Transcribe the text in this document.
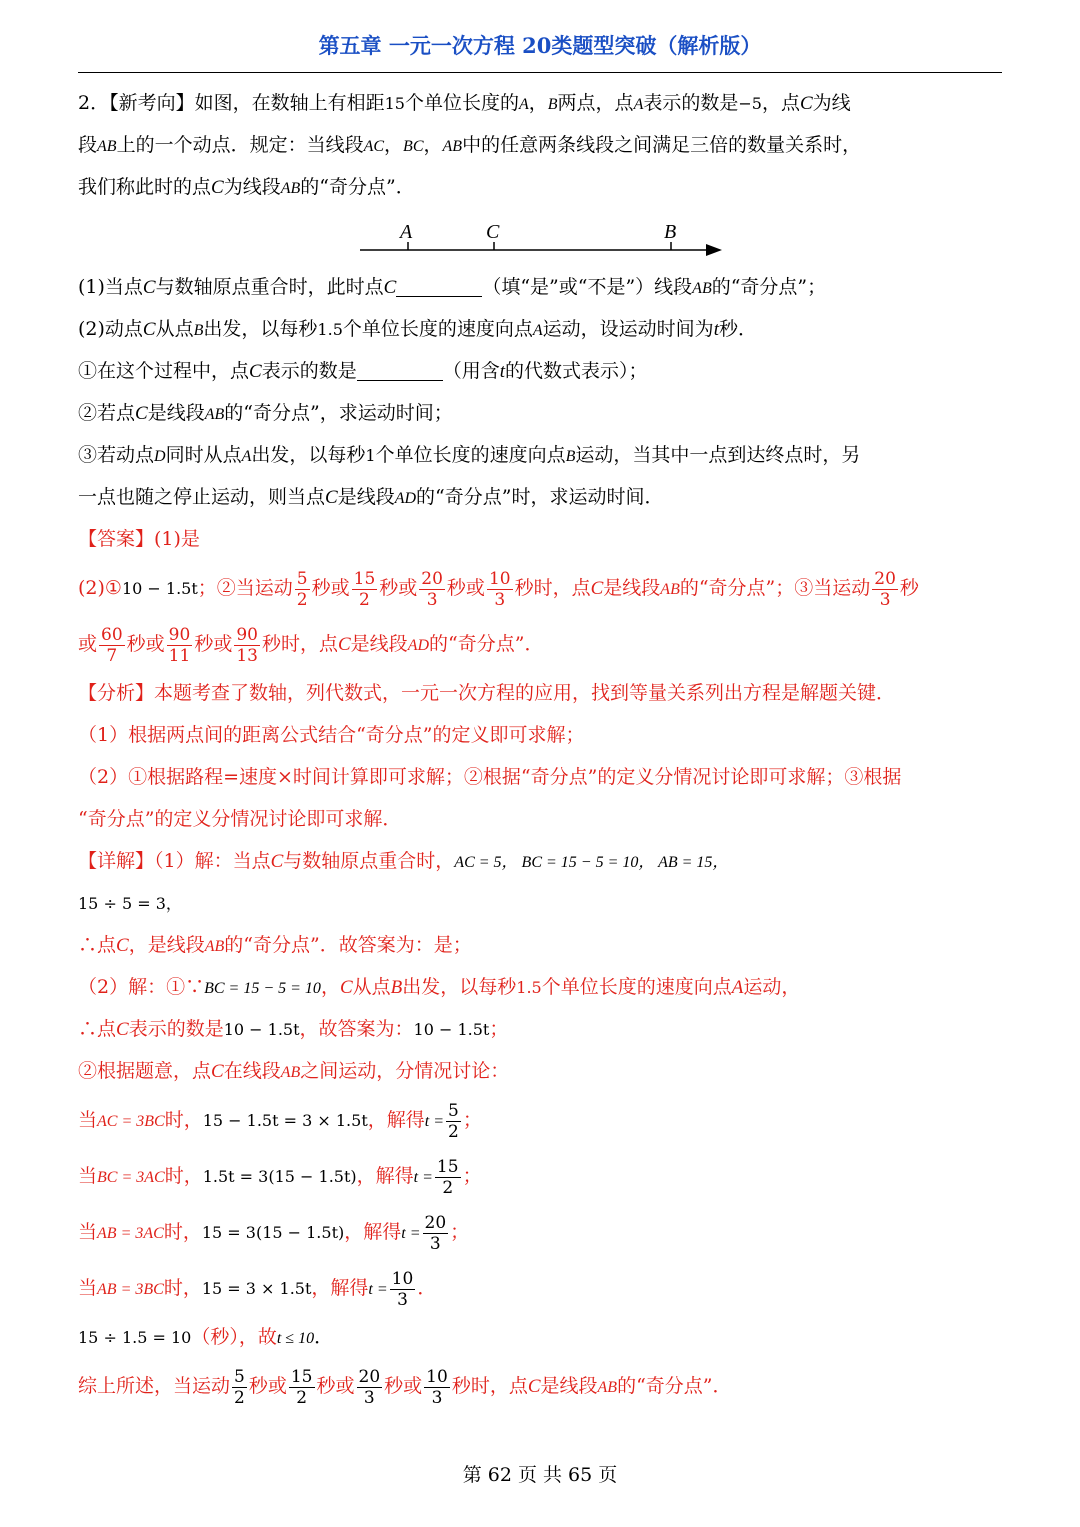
第五章 一元一次方程 20类题型突破（解析版）
2．【新考向】如图，在数轴上有相距15个单位长度的A，B两点，点A表示的数是−5，点C为线
段AB上的一个动点．规定：当线段AC，BC，AB中的任意两条线段之间满足三倍的数量关系时，
我们称此时的点C为线段AB的“奇分点”．
A	C	B
(1)当点C与数轴原点重合时，此时点C	（填“是”或“不是”）线段AB的“奇分点”；
(2)动点C从点B出发，以每秒1.5个单位长度的速度向点A运动，设运动时间为t秒．
①在这个过程中，点C表示的数是	（用含t的代数式表示）；
②若点C是线段AB的“奇分点”，求运动时间；
③若动点D同时从点A出发，以每秒1个单位长度的速度向点B运动，当其中一点到达终点时，另
一点也随之停止运动，则当点C是线段AD的“奇分点”时，求运动时间．
【答案】(1)是
(2)①10 − 1.5t；②当运动 $\frac{5}{2}$ 秒或 $\frac{15}{2}$ 秒或 $\frac{20}{3}$ 秒或 $\frac{10}{3}$ 秒时，点C是线段AB的“奇分点”；③当运动 $\frac{20}{3}$ 秒
或 $\frac{60}{7}$ 秒或 $\frac{90}{11}$ 秒或 $\frac{90}{13}$ 秒时，点C是线段AD的“奇分点”．
【分析】本题考查了数轴，列代数式，一元一次方程的应用，找到等量关系列出方程是解题关键．
（1）根据两点间的距离公式结合“奇分点”的定义即可求解；
（2）①根据路程=速度×时间计算即可求解；②根据“奇分点”的定义分情况讨论即可求解；③根据
“奇分点”的定义分情况讨论即可求解．
【详解】（1）解：当点C与数轴原点重合时，AC = 5， BC = 15 − 5 = 10， AB = 15，
15 ÷ 5 = 3，
∴点C，是线段AB的“奇分点”．故答案为：是；
（2）解：①∵BC = 15 − 5 = 10，C从点B出发，以每秒1.5个单位长度的速度向点A运动，
∴点C表示的数是10 − 1.5t，故答案为：10 − 1.5t；
②根据题意，点C在线段AB之间运动，分情况讨论：
当AC = 3BC时，15 − 1.5t = 3 × 1.5t，解得$t = \frac{5}{2}$ ；
当BC = 3AC时，1.5t = 3(15 − 1.5t)，解得$t = \frac{15}{2}$ ；
当AB = 3AC时，15 = 3(15 − 1.5t)，解得$t = \frac{20}{3}$ ；
当AB = 3BC时，15 = 3 × 1.5t，解得$t = \frac{10}{3}$ ．
15 ÷ 1.5 = 10（秒），故t ≤ 10．
综上所述，当运动 $\frac{5}{2}$ 秒或 $\frac{15}{2}$ 秒或 $\frac{20}{3}$ 秒或 $\frac{10}{3}$ 秒时，点C是线段AB的“奇分点”．
第 62 页 共 65 页
